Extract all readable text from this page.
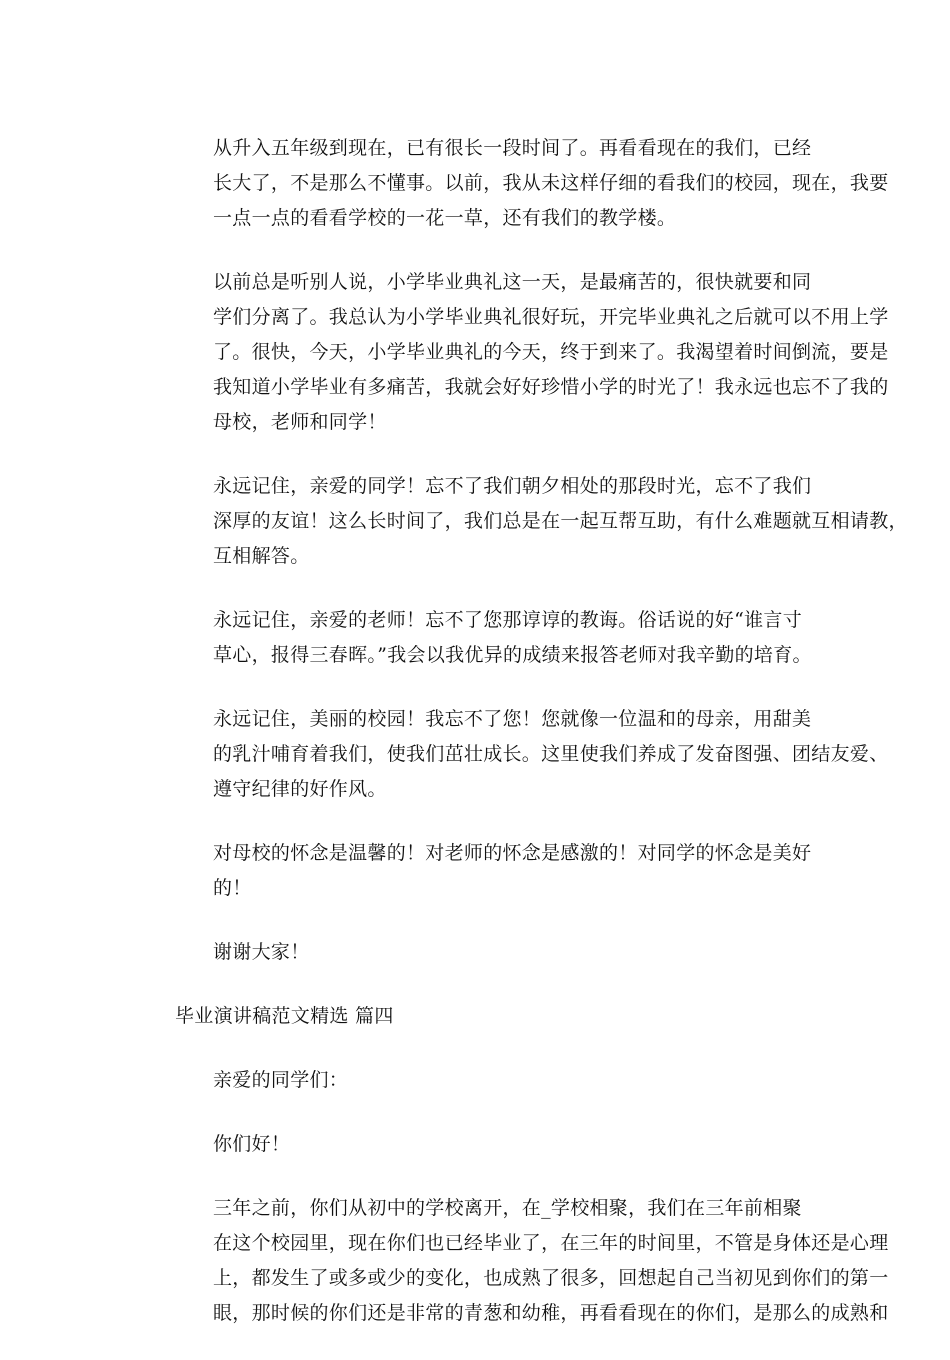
从升入五年级到现在，已有很长一段时间了。再看看现在的我们，已经
长大了，不是那么不懂事。以前，我从未这样仔细的看我们的校园，现在，我要
一点一点的看看学校的一花一草，还有我们的教学楼。

以前总是听别人说，小学毕业典礼这一天，是最痛苦的，很快就要和同
学们分离了。我总认为小学毕业典礼很好玩，开完毕业典礼之后就可以不用上学
了。很快，今天，小学毕业典礼的今天，终于到来了。我渴望着时间倒流，要是
我知道小学毕业有多痛苦，我就会好好珍惜小学的时光了！我永远也忘不了我的
母校，老师和同学！

永远记住，亲爱的同学！忘不了我们朝夕相处的那段时光，忘不了我们
深厚的友谊！这么长时间了，我们总是在一起互帮互助，有什么难题就互相请教，
互相解答。

永远记住，亲爱的老师！忘不了您那谆谆的教诲。俗话说的好“谁言寸
草心，报得三春晖。”我会以我优异的成绩来报答老师对我辛勤的培育。

永远记住，美丽的校园！我忘不了您！您就像一位温和的母亲，用甜美
的乳汁哺育着我们，使我们茁壮成长。这里使我们养成了发奋图强、团结友爱、
遵守纪律的好作风。

对母校的怀念是温馨的！对老师的怀念是感激的！对同学的怀念是美好
的！

谢谢大家！

毕业演讲稿范文精选 篇四

亲爱的同学们：

你们好！

三年之前，你们从初中的学校离开，在_学校相聚，我们在三年前相聚
在这个校园里，现在你们也已经毕业了，在三年的时间里，不管是身体还是心理
上，都发生了或多或少的变化，也成熟了很多，回想起自己当初见到你们的第一
眼，那时候的你们还是非常的青葱和幼稚，再看看现在的你们，是那么的成熟和
